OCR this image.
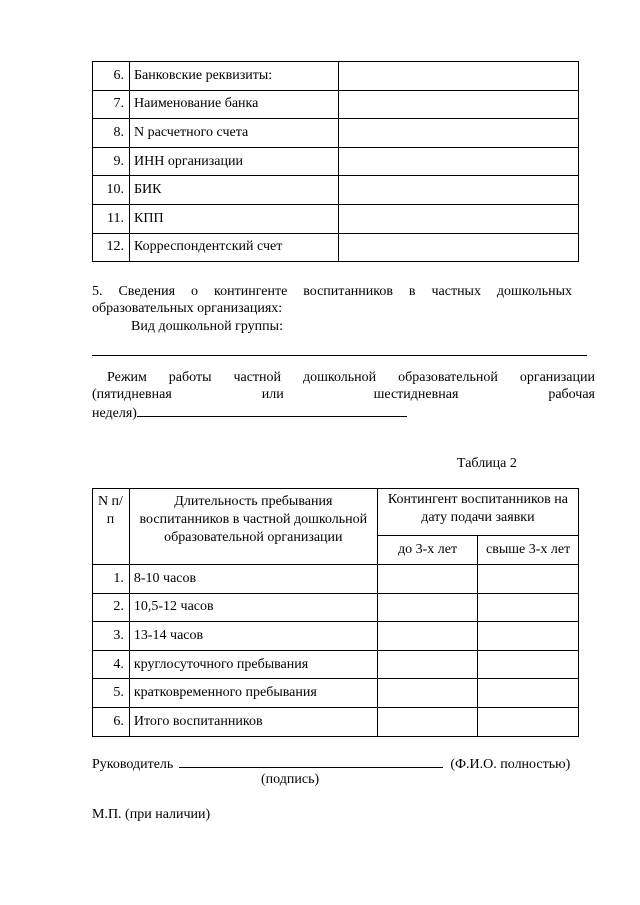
6.	Банковские реквизиты:	
7.	Наименование банка	
8.	N расчетного счета	
9.	ИНН организации	
10.	БИК	
11.	КПП	
12.	Корреспондентский счет	
5. Сведения о контингенте воспитанников в частных дошкольных
образовательных организациях:
Вид дошкольной группы:
Режим работы частной дошкольной образовательной организации
(пятидневная	или	шестидневная	рабочая
неделя)
Таблица 2
N п/п	Длительность пребывания воспитанников в частной дошкольной образовательной организации	Контингент воспитанников на дату подачи заявки	
		до 3-х лет	свыше 3-х лет
1.	8-10 часов		
2.	10,5-12 часов		
3.	13-14 часов		
4.	круглосуточного пребывания		
5.	кратковременного пребывания		
6.	Итого воспитанников		
Руководитель	(Ф.И.О. полностью)
(подпись)
М.П. (при наличии)
